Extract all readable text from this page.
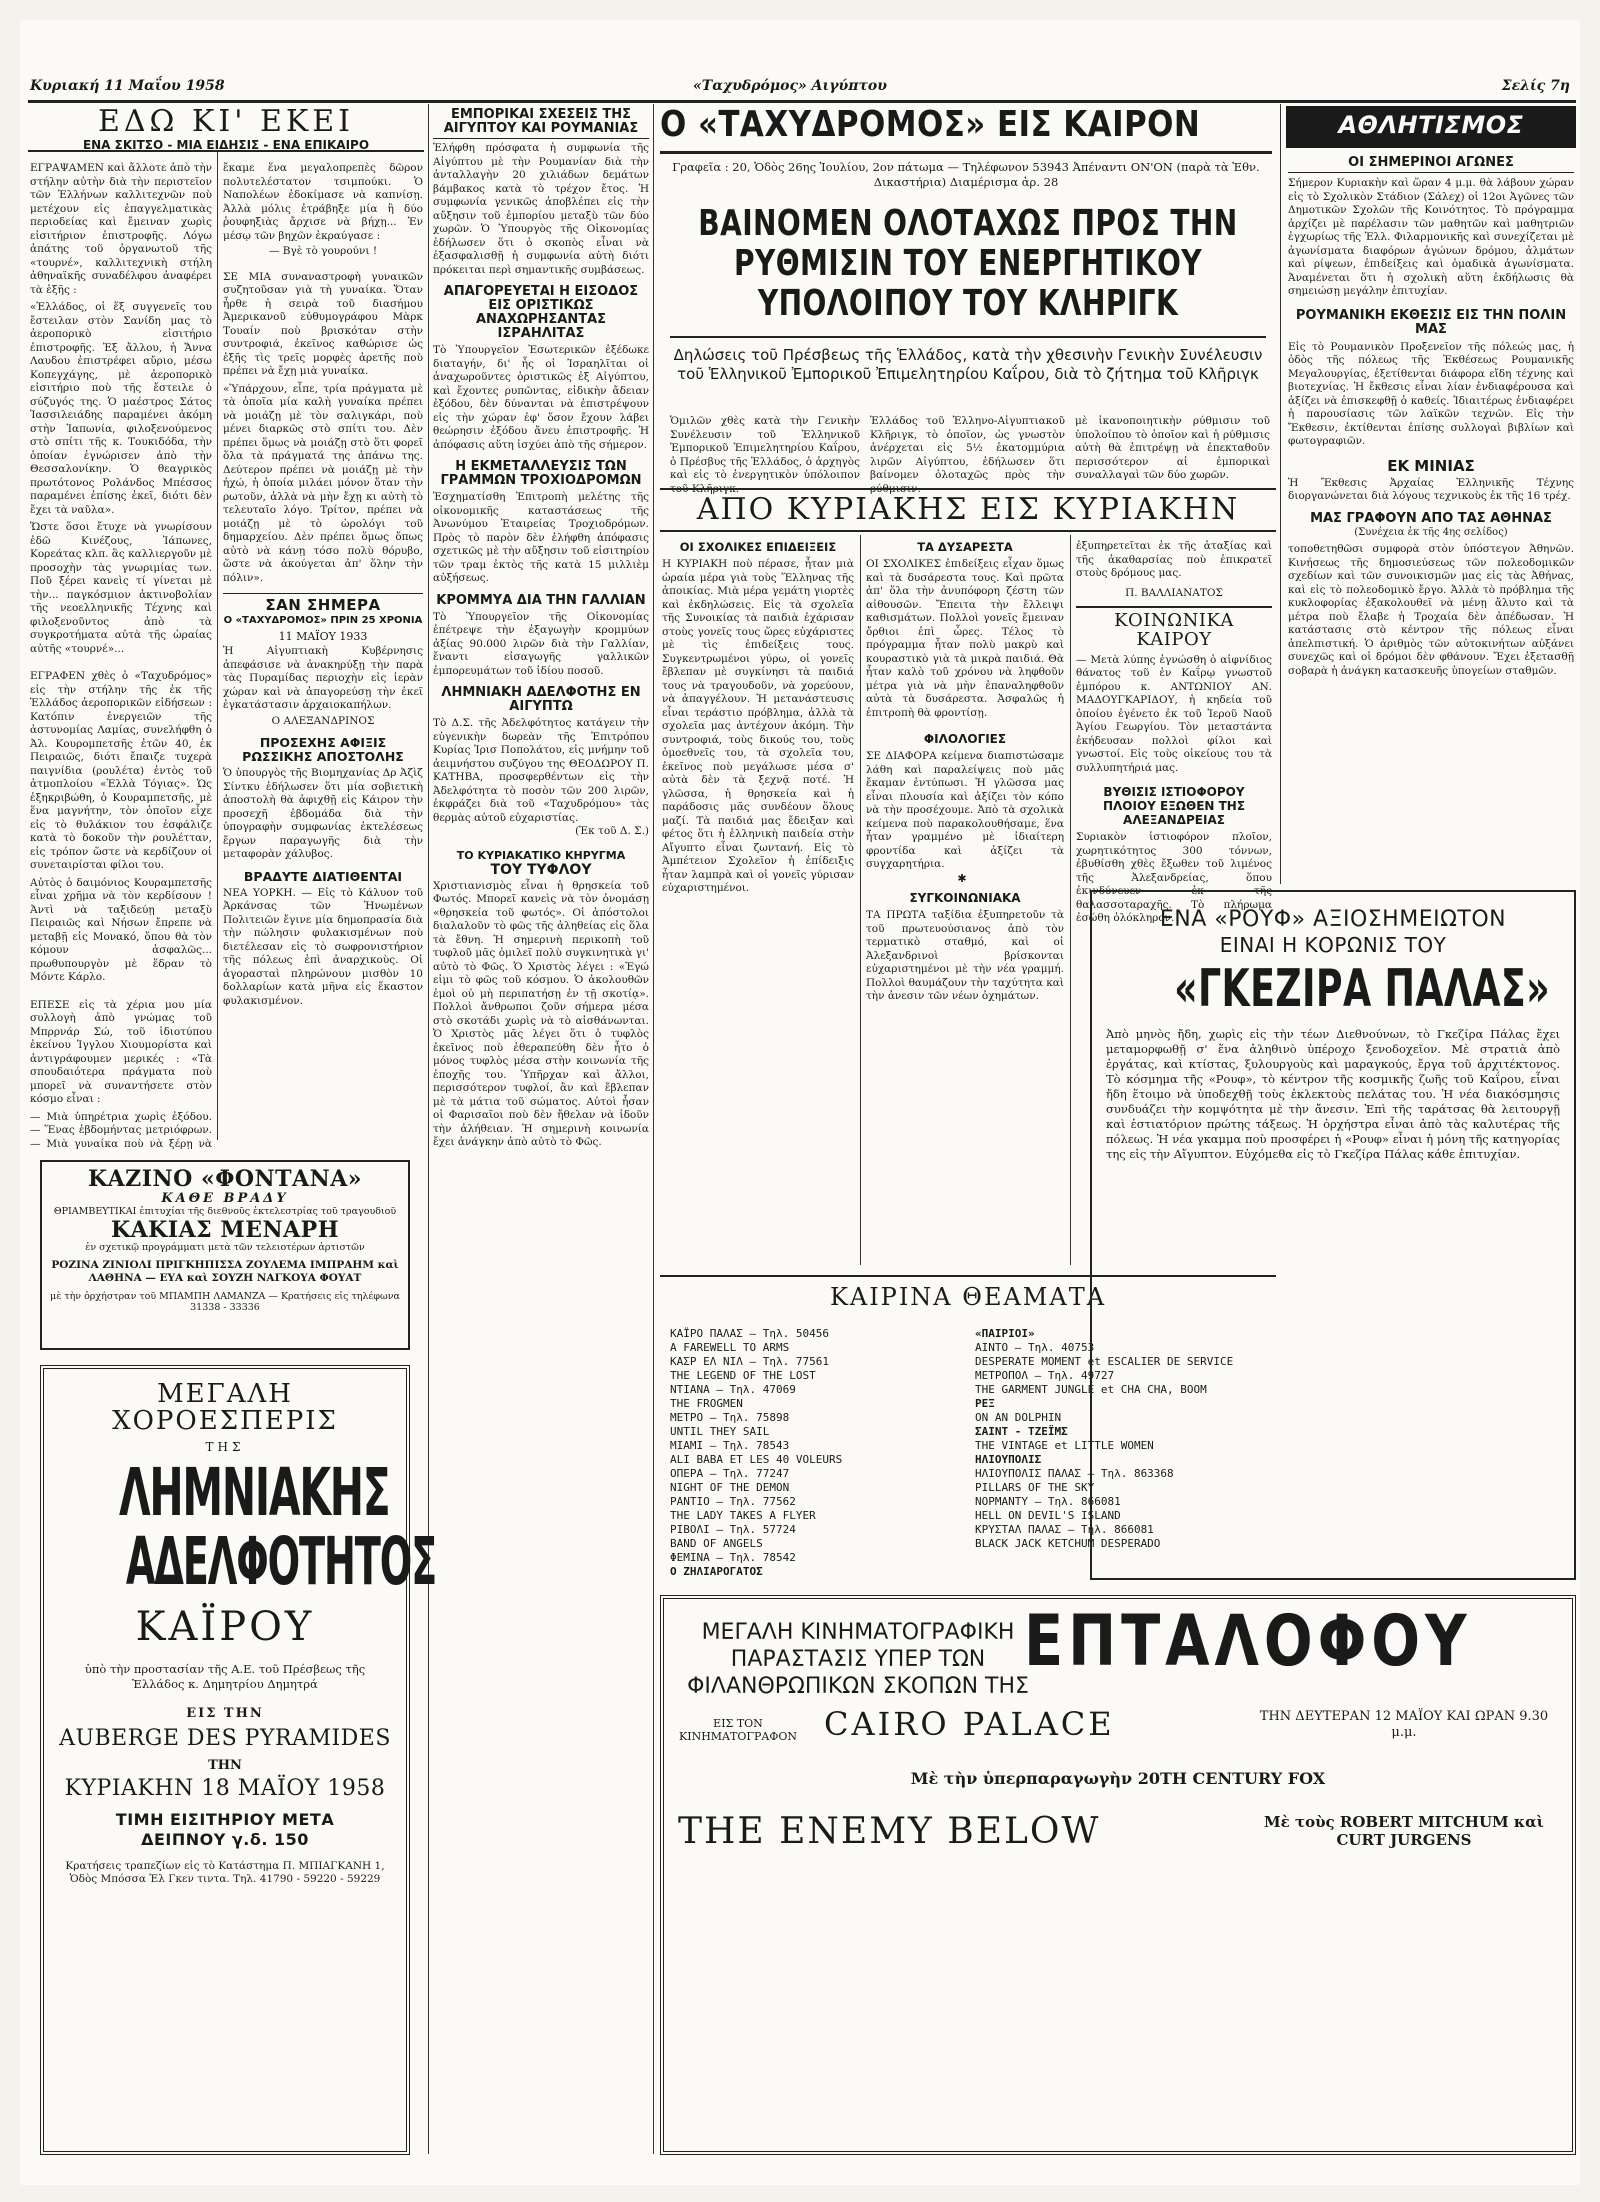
Κυριακή 11 Μαΐου 1958	«Ταχυδρόμος» Αιγύπτου	Σελίς 7η
ΕΔΩ ΚΙ' ΕΚΕΙ
ΕΝΑ ΣΚΙΤΣΟ - ΜΙΑ ΕΙΔΗΣΙΣ - ΕΝΑ ΕΠΙΚΑΙΡΟ

ΕΓΡΑΨΑΜΕΝ καὶ ἄλλοτε ἀπὸ τὴν στήλην αὐτὴν διὰ τὴν περιστεῖον τῶν Ἑλλήνων καλλιτεχνῶν ποὺ μετέχουν εἰς ἐπαγγελματικὰς περιοδείας καὶ ἔμειναν χωρὶς εἰσιτήριον ἐπιστροφῆς. Λόγω ἀπάτης τοῦ ὀργανωτοῦ τῆς «τουρνέ», καλλιτεχνικὴ στήλη ἀθηναϊκῆς συναδέλφου ἀναφέρει τὰ ἑξῆς :

«Ἑλλάδος, οἱ ἕξ συγγενεῖς του ἔστειλαν στὸν Σανίδη μας τὸ ἀεροπορικὸ εἰσιτήριο ἐπιστροφῆς. Ἐξ ἄλλου, ἡ Ἄννα Λαυδου ἐπιστρέφει αὔριο, μέσω Κοπεγχάγης, μὲ ἀεροπορικὸ εἰσιτήριο ποὺ τῆς ἔστειλε ὁ σύζυγός της. Ὁ μαέστρος Σάτος Ἰασσιλειάδης παραμένει ἀκόμη στὴν Ἰαπωνία, φιλοξενούμενος στὸ σπίτι τῆς κ. Τουκιδόδα, τὴν ὁποίαν ἐγνώρισεν ἀπὸ τὴν Θεσσαλονίκην. Ὁ θεαγρικὸς πρωτότονος Ρολάνδος Μπέσσος παραμένει ἐπίσης ἐκεῖ, διότι δὲν ἔχει τὰ ναῦλα».

Ὥστε ὅσοι ἔτυχε νὰ γνωρίσουν ἐδῶ Κινέζους, Ἰάπωνες, Κορεάτας κλπ. ἃς καλλιεργοῦν μὲ προσοχὴν τὰς γνωριμίας των. Ποῦ ξέρει κανεὶς τί γίνεται μὲ τὴν... παγκόσμιον ἀκτινοβολίαν τῆς νεοελληνικῆς Τέχνης καὶ φιλοξενοῦντος ἀπὸ τὰ συγκροτήματα αὐτὰ τῆς ὡραίας αὐτῆς «τουρνέ»...

ΕΓΡΑΦΕΝ χθὲς ὁ «Ταχυδρόμος» εἰς τὴν στήλην τῆς ἐκ τῆς Ἑλλάδος ἀεροπορικῶν εἰδήσεων : Κατόπιν ἐνεργειῶν τῆς ἀστυνομίας Λαμίας, συνελήφθη ὁ Ἀλ. Κουρομπετσῆς ἐτῶν 40, ἐκ Πειραιῶς, διότι ἔπαιζε τυχερὰ παιγνίδια (ρουλέτα) ἐντὸς τοῦ ἀτμοπλοίου «Ἐλλὰ Τόγιας». Ὡς ἐξηκριβώθη, ὁ Κουραμπετσῆς, μὲ ἕνα μαγνήτην, τὸν ὁποῖον εἶχε εἰς τὸ θυλάκιον του ἐσφάλιζε κατὰ τὸ δοκοῦν τὴν ρουλέτταν, εἰς τρόπον ὥστε νὰ κερδίζουν οἱ συνεταιρίσται φίλοι του.

Αὐτὸς ὁ δαιμόνιος Κουραμπετσῆς εἶναι χρῆμα νὰ τὸν κερδίσουν ! Ἀντὶ νὰ ταξιδεύῃ μεταξὺ Πειραιῶς καὶ Νήσων ἔπρεπε νὰ μεταβῇ εἰς Μονακό, ὅπου θὰ τὸν κόμουν ἀσφαλῶς... πρωθυπουργὸν μὲ ἕδραν τὸ Μόντε Κάρλο.

ΕΠΕΣΕ εἰς τὰ χέρια μου μία συλλογὴ ἀπὸ γνώμας τοῦ Μπρρνάρ Σώ, τοῦ ἰδιοτύπου ἐκείνου Ἰγγλου Χιουμορίστα καὶ ἀντιγράφουμεν μερικές : «Τὰ σπουδαιότερα πράγματα ποὺ μπορεῖ νὰ συναντήσετε στὸν κόσμο εἶναι :

— Μιὰ ὑπηρέτρια χωρὶς ἐξόδου. — Ἕνας ἑβδομήντας μετριόφρων. — Μιὰ γυναίκα ποὺ νὰ ξέρῃ νὰ

ἔκαμε ἕνα μεγαλοπρεπὲς δῶρον πολυτελέστατον τσιμπούκι. Ὁ Ναπολέων ἐδοκίμασε νὰ καπνίσῃ. Ἀλλὰ μόλις ἐτράβηξε μία ἢ δύο ῥουφηξιὰς ἄρχισε νὰ βήχῃ... Ἑν μέσῳ τῶν βηχῶν ἐκραύγασε :

— Βγὲ τὸ γουρούνι !

ΣΕ ΜΙΑ συναναστροφὴ γυναικῶν συζητοῦσαν γιὰ τὴ γυναίκα. Ὅταν ἦρθε ἡ σειρὰ τοῦ διασήμου Ἀμερικανοῦ εὐθυμογράφου Μὰρκ Τουαίν ποὺ βρισκόταν στὴν συντροφιά, ἐκεῖνος καθώρισε ὡς ἑξῆς τὶς τρεῖς μορφὲς ἀρετῆς ποὺ πρέπει νὰ ἔχῃ μιὰ γυναίκα.

«Ὑπάρχουν, εἶπε, τρία πράγματα μὲ τὰ ὁποῖα μία καλὴ γυναίκα πρέπει νὰ μοιάζῃ μὲ τὸν σαλιγκάρι, ποὺ μένει διαρκῶς στὸ σπίτι του. Δὲν πρέπει ὅμως νὰ μοιάζῃ στὸ ὅτι φορεῖ ὅλα τὰ πράγματά της ἀπάνω της. Δεύτερον πρέπει νὰ μοιάζῃ μὲ τὴν ἠχώ, ἡ ὁποία μιλάει μόνον ὅταν τὴν ρωτοῦν, ἀλλὰ νὰ μὴν ἔχῃ κι αὐτὴ τὸ τελευταῖο λόγο. Τρίτον, πρέπει νὰ μοιάζῃ μὲ τὸ ὡρολόγι τοῦ δημαρχείου. Δὲν πρέπει ὅμως ὅπως αὐτὸ νὰ κάνῃ τόσο πολὺ θόρυβο, ὥστε νὰ ἀκούγεται ἀπ' ὅλην τὴν πόλιν».

ΣΑΝ ΣΗΜΕΡΑ
Ο «ΤΑΧΥΔΡΟΜΟΣ» ΠΡΙΝ 25 ΧΡΟΝΙΑ
11 ΜΑΪΟΥ 1933

Ἡ Αἰγυπτιακὴ Κυβέρνησις ἀπεφάσισε νὰ ἀνακηρύξῃ τὴν παρὰ τὰς Πυραμίδας περιοχὴν εἰς ἱερὰν χώραν καὶ νὰ ἀπαγορεύσῃ τὴν ἐκεῖ ἐγκατάστασιν ἀρχαιοκαπήλων.

Ο ΑΛΕΞΑΝΔΡΙΝΟΣ
ΠΡΟΣΕΧΗΣ ΑΦΙΞΙΣ ΡΩΣΣΙΚΗΣ ΑΠΟΣΤΟΛΗΣ

Ὁ ὑπουργὸς τῆς Βιομηχανίας Δρ Ἀζὶζ Σίντκυ ἐδήλωσεν ὅτι μία σοβιετικὴ ἀποστολὴ θὰ ἀφιχθῇ εἰς Κάιρον τὴν προσεχῆ ἑβδομάδα διὰ τὴν ὑπογραφὴν συμφωνίας ἐκτελέσεως ἔργων παραγωγῆς διὰ τὴν μεταφορὰν χάλυβος.

ΒΡΑΔΥΤΕ ΔΙΑΤΙΘΕΝΤΑΙ

ΝΕΑ ΥΟΡΚΗ. — Εἰς τὸ Κάλυον τοῦ Ἀρκάνσας τῶν Ἡνωμένων Πολιτειῶν ἔγινε μία δημοπρασία διὰ τὴν πώλησιν φυλακισμένων ποὺ διετέλεσαν εἰς τὸ σωφρονιστήριον τῆς πόλεως ἐπὶ ἀναρχικοὺς. Οἱ ἀγορασταὶ πληρώνουν μισθὸν 10 δολλαρίων κατὰ μῆνα εἰς ἕκαστον φυλακισμένον.

ΕΜΠΟΡΙΚΑΙ ΣΧΕΣΕΙΣ ΤΗΣ ΑΙΓΥΠΤΟΥ ΚΑΙ ΡΟΥΜΑΝΙΑΣ

Ἐλήφθη πρόσφατα ἡ συμφωνία τῆς Αἰγύπτου μὲ τὴν Ρουμανίαν διὰ τὴν ἀνταλλαγὴν 20 χιλιάδων δεμάτων βάμβακος κατὰ τὸ τρέχον ἔτος. Ἡ συμφωνία γενικῶς ἀποβλέπει εἰς τὴν αὔξησιν τοῦ ἐμπορίου μεταξὺ τῶν δύο χωρῶν. Ὁ Ὑπουργὸς τῆς Οἰκονομίας ἐδήλωσεν ὅτι ὁ σκοπὸς εἶναι νὰ ἐξασφαλισθῇ ἡ συμφωνία αὐτὴ διότι πρόκειται περὶ σημαντικῆς συμβάσεως.

ΑΠΑΓΟΡΕΥΕΤΑΙ Η ΕΙΣΟΔΟΣ ΕΙΣ ΟΡΙΣΤΙΚΩΣ ΑΝΑΧΩΡΗΣΑΝΤΑΣ ΙΣΡΑΗΛΙΤΑΣ

Τὸ Ὑπουργεῖον Ἐσωτερικῶν ἐξέδωκε διαταγήν, δι' ἧς οἱ Ἰσραηλῖται οἱ ἀναχωροῦντες ὁριστικῶς ἐξ Αἰγύπτου, καὶ ἔχοντες ρυπῶντας, εἰδικὴν ἄδειαν ἐξόδου, δὲν δύνανται νὰ ἐπιστρέψουν εἰς τὴν χώραν ἐφ' ὅσον ἔχουν λάβει θεώρησιν ἐξόδου ἄνευ ἐπιστροφῆς. Ἡ ἀπόφασις αὕτη ἰσχύει ἀπὸ τῆς σήμερον.

Η ΕΚΜΕΤΑΛΛΕΥΣΙΣ ΤΩΝ ΓΡΑΜΜΩΝ ΤΡΟΧΙΟΔΡΟΜΩΝ

Ἐσχηματίσθη Ἐπιτροπὴ μελέτης τῆς οἰκονομικῆς καταστάσεως τῆς Ἀνωνύμου Ἑταιρείας Τροχιοδρόμων. Πρὸς τὸ παρὸν δὲν ἐλήφθη ἀπόφασις σχετικῶς μὲ τὴν αὔξησιν τοῦ εἰσιτηρίου τῶν τραμ ἐκτὸς τῆς κατὰ 15 μιλλιὲμ αὐξήσεως.

ΚΡΟΜΜΥΑ ΔΙΑ ΤΗΝ ΓΑΛΛΙΑΝ

Τὸ Ὑπουργεῖον τῆς Οἰκονομίας ἐπέτρεψε τὴν ἐξαγωγὴν κρομμύων ἀξίας 90.000 λιρῶν διὰ τὴν Γαλλίαν, ἔναντι εἰσαγωγῆς γαλλικῶν ἐμπορευμάτων τοῦ ἰδίου ποσοῦ.

ΛΗΜΝΙΑΚΗ ΑΔΕΛΦΟΤΗΣ ΕΝ ΑΙΓΥΠΤΩ

Τὸ Δ.Σ. τῆς Ἀδελφότητος κατάγειν τὴν εὐγενικὴν δωρεὰν τῆς Ἐπιτρόπου Κυρίας Ἰρισ Ποπολάτου, εἰς μνήμην τοῦ ἀειμνήστου συζύγου της ΘΕΟΔΩΡΟΥ Π. ΚΑΤΗΒΑ, προσφερθέντων εἰς τὴν Ἀδελφότητα τὸ ποσὸν τῶν 200 λιρῶν, ἐκφράζει διὰ τοῦ «Ταχυδρόμου» τὰς θερμὰς αὐτοῦ εὐχαριστίας.

(Ἐκ τοῦ Δ. Σ.)

ΤΟ ΚΥΡΙΑΚΑΤΙΚΟ ΚΗΡΥΓΜΑ
ΤΟΥ ΤΥΦΛΟΥ

Χριστιανισμὸς εἶναι ἡ θρησκεία τοῦ Φωτός. Μπορεῖ κανεὶς νὰ τὸν ὀνομάσῃ «θρησκεία τοῦ φωτός». Οἱ ἀπόστολοι διαλαλοῦν τὸ φῶς τῆς ἀληθείας εἰς ὅλα τὰ ἔθνη. Ἡ σημερινὴ περικοπὴ τοῦ τυφλοῦ μᾶς ὁμιλεῖ πολὺ συγκινητικὰ γι' αὐτὸ τὸ Φῶς. Ὁ Χριστὸς λέγει : «Ἐγώ εἰμι τὸ φῶς τοῦ κόσμου. Ὁ ἀκολουθῶν ἐμοὶ οὐ μὴ περιπατήσῃ ἐν τῇ σκοτίᾳ». Πολλοὶ ἄνθρωποι ζοῦν σήμερα μέσα στὸ σκοτάδι χωρὶς νὰ τὸ αἰσθάνωνται. Ὁ Χριστὸς μᾶς λέγει ὅτι ὁ τυφλὸς ἐκεῖνος ποὺ ἐθεραπεύθη δὲν ἦτο ὁ μόνος τυφλὸς μέσα στὴν κοινωνία τῆς ἐποχῆς του. Ὑπῆρχαν καὶ ἄλλοι, περισσότερον τυφλοί, ἂν καὶ ἔβλεπαν μὲ τὰ μάτια τοῦ σώματος. Αὐτοὶ ἦσαν οἱ Φαρισαῖοι ποὺ δὲν ἤθελαν νὰ ἰδοῦν τὴν ἀλήθειαν. Ἡ σημερινὴ κοινωνία ἔχει ἀνάγκην ἀπὸ αὐτὸ τὸ Φῶς.

ΚΑΖΙΝΟ «ΦΟΝΤΑΝΑ»
ΚΑΘΕ ΒΡΑΔΥ
ΘΡΙΑΜΒΕΥΤΙΚΑΙ ἐπιτυχίαι τῆς διεθνοῦς ἐκτελεστρίας τοῦ τραγουδιοῦ
ΚΑΚΙΑΣ ΜΕΝΑΡΗ
ἐν σχετικῷ προγράμματι μετὰ τῶν τελειοτέρων ἀρτιστῶν
ΡΟΖΙΝΑ ΖΙΝΙΟΛΙ ΠΡΙΓΚΗΠΙΣΣΑ ΖΟΥΛΕΜΑ ΙΜΠΡΑΗΜ καὶ ΛΑΘΗΝΑ — ΕΥΑ καὶ ΣΟΥΖΗ ΝΑΓΚΟΥΑ ΦΟΥΑΤ
μὲ τὴν ὀρχήστραν τοῦ ΜΠΑΜΠΗ ΛΑΜΑΝΖΑ — Κρατήσεις εἰς τηλέφωνα 31338 - 33336
ΜΕΓΑΛΗ ΧΟΡΟΕΣΠΕΡΙΣ
ΤΗΣ
ΛΗΜΝΙΑΚΗΣ
ΑΔΕΛΦΟΤΗΤΟΣ
ΚΑΪΡΟΥ
ὑπὸ τὴν προστασίαν τῆς Α.Ε. τοῦ Πρέσβεως τῆς Ἑλλάδος κ. Δημητρίου Δημητρά
ΕΙΣ ΤΗΝ
AUBERGE DES PYRAMIDES
ΤΗΝ
ΚΥΡΙΑΚΗΝ 18 ΜΑΪΟΥ 1958
ΤΙΜΗ ΕΙΣΙΤΗΡΙΟΥ ΜΕΤΑ ΔΕΙΠΝΟΥ γ.δ. 150
Κρατήσεις τραπεζίων εἰς τὸ Κατάστημα Π. ΜΠΙΑΓΚΑΝΗ 1, Ὁδὸς Μπόσσα Ἐλ Γκεν τιντα. Τηλ. 41790 - 59220 - 59229
Ο «ΤΑΧΥΔΡΟΜΟΣ» ΕΙΣ ΚΑΙΡΟΝ
Γραφεῖα : 20, Ὁδὸς 26ης Ἰουλίου, 2ον πάτωμα — Τηλέφωνον 53943 Ἀπέναντι ΟΝ'ΟΝ (παρὰ τὰ Ἐθν. Δικαστήρια) Διαμέρισμα ἀρ. 28
ΒΑΙΝΟΜΕΝ ΟΛΟΤΑΧΩΣ ΠΡΟΣ ΤΗΝ ΡΥΘΜΙΣΙΝ ΤΟΥ ΕΝΕΡΓΗΤΙΚΟΥ ΥΠΟΛΟΙΠΟΥ ΤΟΥ ΚΛΗΡΙΓΚ
Δηλώσεις τοῦ Πρέσβεως τῆς Ἑλλάδος, κατὰ τὴν χθεσινὴν Γενικὴν Συνέλευσιν τοῦ Ἑλληνικοῦ Ἐμπορικοῦ Ἐπιμελητηρίου Καΐρου, διὰ τὸ ζήτημα τοῦ Κλῆριγκ
Ὁμιλῶν χθὲς κατὰ τὴν Γενικὴν Συνέλευσιν τοῦ Ἑλληνικοῦ Ἐμπορικοῦ Ἐπιμελητηρίου Καΐρου, ὁ Πρέσβυς τῆς Ἑλλάδος, ὁ ἀρχηγὸς καὶ εἰς τὸ ἐνεργητικὸν ὑπόλοιπον τοῦ Κλῆριγκ.
Ἑλλάδος τοῦ Ἑλληνο-Αἰγυπτιακοῦ Κλῆριγκ, τὸ ὁποῖον, ὡς γνωστὸν ἀνέρχεται εἰς 5½ ἑκατομμύρια λιρῶν Αἰγύπτου, ἐδήλωσεν ὅτι βαίνομεν ὁλοταχῶς πρὸς τὴν ρύθμισιν.
μὲ ἱκανοποιητικὴν ρύθμισιν τοῦ ὑπολοίπου τὸ ὁποῖον καὶ ἡ ρύθμισις αὐτὴ θὰ ἐπιτρέψῃ νὰ ἐπεκταθοῦν περισσότερον αἱ ἐμπορικαὶ συναλλαγαὶ τῶν δύο χωρῶν.
ΑΠΟ ΚΥΡΙΑΚΗΣ ΕΙΣ ΚΥΡΙΑΚΗΝ
ΟΙ ΣΧΟΛΙΚΕΣ ΕΠΙΔΕΙΞΕΙΣ

Η ΚΥΡΙΑΚΗ ποὺ πέρασε, ἦταν μιὰ ὡραία μέρα γιὰ τοὺς Ἕλληνας τῆς ἀποικίας. Μιὰ μέρα γεμάτη γιορτὲς καὶ ἐκδηλώσεις. Εἰς τὰ σχολεῖα τῆς Συνοικίας τὰ παιδιὰ ἐχάρισαν στοὺς γονεῖς τους ὥρες εὐχάριστες μὲ τὶς ἐπιδείξεις τους. Συγκεντρωμένοι γύρω, οἱ γονεῖς ἔβλεπαν μὲ συγκίνησι τὰ παιδιά τους νὰ τραγουδοῦν, νὰ χορεύουν, νὰ ἀπαγγέλουν. Ἡ μετανάστευσις εἶναι τεράστιο πρόβλημα, ἀλλὰ τὰ σχολεῖα μας ἀντέχουν ἀκόμη. Τὴν συντροφιά, τοὺς δικούς του, τοὺς ὁμοεθνεῖς του, τὰ σχολεῖα του, ἐκεῖνος ποὺ μεγάλωσε μέσα σ' αὐτὰ δὲν τὰ ξεχνᾷ ποτέ. Ἡ γλῶσσα, ἡ θρησκεία καὶ ἡ παράδοσις μᾶς συνδέουν ὅλους μαζί. Τὰ παιδιά μας ἔδειξαν καὶ φέτος ὅτι ἡ ἑλληνικὴ παιδεία στὴν Αἴγυπτο εἶναι ζωντανή. Εἰς τὸ Ἀμπέτειον Σχολεῖον ἡ ἐπίδειξις ἦταν λαμπρὰ καὶ οἱ γονεῖς γύρισαν εὐχαριστημένοι.

ΤΑ ΔΥΣΑΡΕΣΤΑ

ΟΙ ΣΧΟΛΙΚΕΣ ἐπιδείξεις εἶχαν ὅμως καὶ τὰ δυσάρεστα τους. Καὶ πρῶτα ἀπ' ὅλα τὴν ἀνυπόφορη ζέστη τῶν αἰθουσῶν. Ἔπειτα τὴν ἔλλειψι καθισμάτων. Πολλοὶ γονεῖς ἔμειναν ὄρθιοι ἐπὶ ὧρες. Τέλος τὸ πρόγραμμα ἦταν πολὺ μακρὺ καὶ κουραστικὸ γιὰ τὰ μικρὰ παιδιά. Θὰ ἦταν καλὸ τοῦ χρόνου νὰ ληφθοῦν μέτρα γιὰ νὰ μὴν ἐπαναληφθοῦν αὐτὰ τὰ δυσάρεστα. Ἀσφαλῶς ἡ ἐπιτροπὴ θὰ φροντίσῃ.

ΦΙΛΟΛΟΓΙΕΣ

ΣΕ ΔΙΑΦΟΡΑ κείμενα διαπιστώσαμε λάθη καὶ παραλείψεις ποὺ μᾶς ἔκαμαν ἐντύπωσι. Ἡ γλῶσσα μας εἶναι πλουσία καὶ ἀξίζει τὸν κόπο νὰ τὴν προσέχουμε. Ἀπὸ τὰ σχολικὰ κείμενα ποὺ παρακολουθήσαμε, ἕνα ἦταν γραμμένο μὲ ἰδιαίτερη φροντίδα καὶ ἀξίζει τὰ συγχαρητήρια.

✱
ΣΥΓΚΟΙΝΩΝΙΑΚΑ

ΤΑ ΠΡΩΤΑ ταξίδια ἐξυπηρετοῦν τὰ τοῦ πρωτευούσιανος ἀπὸ τὸν τερματικὸ σταθμό, καὶ οἱ Ἀλεξανδρινοὶ βρίσκονται εὐχαριστημένοι μὲ τὴν νέα γραμμή. Πολλοὶ θαυμάζουν τὴν ταχύτητα καὶ τὴν ἀνεσιν τῶν νέων ὀχημάτων.

ἐξυπηρετεῖται ἐκ τῆς ἀταξίας καὶ τῆς ἀκαθαρσίας ποὺ ἐπικρατεῖ στοὺς δρόμους μας.

Π. ΒΑΛΛΙΑΝΑΤΟΣ
ΚΟΙΝΩΝΙΚΑ ΚΑΙΡΟΥ

— Μετὰ λύπης ἐγνώσθη ὁ αἰφνίδιος θάνατος τοῦ ἐν Καΐρῳ γνωστοῦ ἐμπόρου κ. ΑΝΤΩΝΙΟΥ ΑΝ. ΜΑΔΟΥΓΚΑΡΙΔΟΥ, ἡ κηδεία τοῦ ὁποίου ἐγένετο ἐκ τοῦ Ἱεροῦ Ναοῦ Ἁγίου Γεωργίου. Τὸν μεταστάντα ἐκήδευσαν πολλοὶ φίλοι καὶ γνωστοί. Εἰς τοὺς οἰκείους του τὰ συλλυπητήριά μας.

ΒΥΘΙΣΙΣ ΙΣΤΙΟΦΟΡΟΥ ΠΛΟΙΟΥ ΕΞΩΘΕΝ ΤΗΣ ΑΛΕΞΑΝΔΡΕΙΑΣ

Συριακὸν ἱστιοφόρον πλοῖον, χωρητικότητος 300 τόννων, ἐβυθίσθη χθὲς ἔξωθεν τοῦ λιμένος τῆς Ἀλεξανδρείας, ὅπου ἐκινδύνευεν ἐκ τῆς θαλασσοταραχῆς. Τὸ πλήρωμα ἐσώθη ὁλόκληρον.

ΚΑΙΡΙΝΑ ΘΕΑΜΑΤΑ
ΚΑΪΡΟ ΠΑΛΑΣ — Τηλ. 50456
A FAREWELL TO ARMS
ΚΑΣΡ ΕΛ ΝΙΛ — Τηλ. 77561
THE LEGEND OF THE LOST
ΝΤΙΑΝΑ — Τηλ. 47069
THE FROGMEN
ΜΕΤΡΟ — Τηλ. 75898
UNTIL THEY SAIL
ΜΙΑΜΙ — Τηλ. 78543
ALI BABA ET LES 40 VOLEURS
ΟΠΕΡΑ — Τηλ. 77247
NIGHT OF THE DEMON
ΡΑΝΤΙΟ — Τηλ. 77562
THE LADY TAKES A FLYER
ΡΙΒΟΛΙ — Τηλ. 57724
BAND OF ANGELS
ΦΕΜΙΝΑ — Τηλ. 78542
Ο ΖΗΛΙΑΡΟΓΑΤΟΣ
«ΠΑΙΡΙΟΙ»
ΑΙΝΤΟ — Τηλ. 40753
DESPERATE MOMENT et ESCALIER DE SERVICE
ΜΕΤΡΟΠΟΛ — Τηλ. 49727
THE GARMENT JUNGLE et CHA CHA, BOOM
ΡΕΞ
ON AN DOLPHIN
ΣΑΙΝΤ - ΤΖΕΪΜΣ
THE VINTAGE et LITTLE WOMEN
ΗΛΙΟΥΠΟΛΙΣ
ΗΛΙΟΥΠΟΛΙΣ ΠΑΛΑΣ — Τηλ. 863368
PILLARS OF THE SKY
ΝΟΡΜΑΝΤΥ — Τηλ. 866081
HELL ON DEVIL'S ISLAND
ΚΡΥΣΤΑΛ ΠΑΛΑΣ — Τηλ. 866081
BLACK JACK KETCHUM DESPERADO
ΜΕΓΑΛΗ ΚΙΝΗΜΑΤΟΓΡΑΦΙΚΗ ΠΑΡΑΣΤΑΣΙΣ ΥΠΕΡ ΤΩΝ ΦΙΛΑΝΘΡΩΠΙΚΩΝ ΣΚΟΠΩΝ ΤΗΣ
ΕΠΤΑΛΟΦΟΥ
ΕΙΣ ΤΟΝ ΚΙΝΗΜΑΤΟΓΡΑΦΟΝ CAIRO PALACE	ΤΗΝ ΔΕΥΤΕΡΑΝ 12 ΜΑΪΟΥ ΚΑΙ ΩΡΑΝ 9.30 μ.μ.
Μὲ τὴν ὑπερπαραγωγὴν 20TH CENTURY FOX
THE ENEMY BELOW	Μὲ τοὺς ROBERT MITCHUM καὶ CURT JURGENS
ΑΘΛΗΤΙΣΜΟΣ
ΟΙ ΣΗΜΕΡΙΝΟΙ ΑΓΩΝΕΣ

Σήμερον Κυριακὴν καὶ ὥραν 4 μ.μ. θὰ λάβουν χώραν εἰς τὸ Σχολικὸν Στάδιον (Σάλεχ) οἱ 12οι Ἀγῶνες τῶν Δημοτικῶν Σχολῶν τῆς Κοινότητος. Τὸ πρόγραμμα ἀρχίζει μὲ παρέλασιν τῶν μαθητῶν καὶ μαθητριῶν ἐγχωρίως τῆς Ἐλλ. Φιλαρμονικῆς καὶ συνεχίζεται μὲ ἀγωνίσματα διαφόρων ἀγώνων δρόμου, ἁλμάτων καὶ ρίψεων, ἐπιδείξεις καὶ ὁμαδικὰ ἀγωνίσματα. Ἀναμένεται ὅτι ἡ σχολικὴ αὕτη ἐκδήλωσις θὰ σημειώσῃ μεγάλην ἐπιτυχίαν.

ΡΟΥΜΑΝΙΚΗ ΕΚΘΕΣΙΣ ΕΙΣ ΤΗΝ ΠΟΛΙΝ ΜΑΣ

Εἰς τὸ Ρουμανικὸν Προξενεῖον τῆς πόλεώς μας, ἡ ὁδὸς τῆς πόλεως τῆς Ἐκθέσεως Ρουμανικῆς Μεγαλουργίας, ἐξετίθενται διάφορα εἴδη τέχνης καὶ βιοτεχνίας. Ἡ ἔκθεσις εἶναι λίαν ἐνδιαφέρουσα καὶ ἀξίζει νὰ ἐπισκεφθῇ ὁ καθείς. Ἰδιαιτέρως ἐνδιαφέρει ἡ παρουσίασις τῶν λαϊκῶν τεχνῶν. Εἰς τὴν Ἔκθεσιν, ἐκτίθενται ἐπίσης συλλογαὶ βιβλίων καὶ φωτογραφιῶν.

ΕΚ ΜΙΝΙΑΣ

Ἡ Ἔκθεσις Ἀρχαίας Ἑλληνικῆς Τέχνης διοργανώνεται διὰ λόγους τεχνικοὺς ἐκ τῆς 16 τρέχ.

ΜΑΣ ΓΡΑΦΟΥΝ ΑΠΟ ΤΑΣ ΑΘΗΝΑΣ
(Συνέχεια ἐκ τῆς 4ης σελίδος)

τοποθετηθῶσι συμφορὰ στὸν ὑπόστεγον Ἀθηνῶν. Κινήσεως τῆς δημοσιεύσεως τῶν πολεοδομικῶν σχεδίων καὶ τῶν συνοικισμῶν μας εἰς τὰς Ἀθήνας, καὶ εἰς τὸ πολεοδομικὸ ἔργο. Ἀλλὰ τὸ πρόβλημα τῆς κυκλοφορίας ἐξακολουθεῖ νὰ μένῃ ἄλυτο καὶ τὰ μέτρα ποὺ ἔλαβε ἡ Τροχαία δὲν ἀπέδωσαν. Ἡ κατάστασις στὸ κέντρον τῆς πόλεως εἶναι ἀπελπιστική. Ὁ ἀριθμὸς τῶν αὐτοκινήτων αὐξάνει συνεχῶς καὶ οἱ δρόμοι δὲν φθάνουν. Ἔχει ἐξετασθῇ σοβαρὰ ἡ ἀνάγκη κατασκευῆς ὑπογείων σταθμῶν.

ΕΝΑ «ΡΟΥΦ» ΑΞΙΟΣΗΜΕΙΩΤΟΝ
ΕΙΝΑΙ Η ΚΟΡΩΝΙΣ ΤΟΥ
«ΓΚΕΖΙΡΑ ΠΑΛΑΣ»

Ἀπὸ μηνὸς ἤδη, χωρὶς εἰς τὴν τέων Διεθνούνων, τὸ Γκεζίρα Πάλας ἔχει μεταμορφωθῇ σ' ἕνα ἀληθινὸ ὑπέροχο ξενοδοχεῖον. Μὲ στρατιὰ ἀπὸ ἐργάτας, καὶ κτίστας, ξυλουργοὺς καὶ μαραγκούς, ἔργα τοῦ ἀρχιτέκτονος. Τὸ κόσμημα τῆς «Ρουφ», τὸ κέντρον τῆς κοσμικῆς ζωῆς τοῦ Καΐρου, εἶναι ἤδη ἕτοιμο νὰ ὑποδεχθῇ τοὺς ἐκλεκτοὺς πελάτας του. Ἡ νέα διακόσμησις συνδυάζει τὴν κομψότητα μὲ τὴν ἄνεσιν. Ἐπὶ τῆς ταράτσας θὰ λειτουργῇ καὶ ἐστιατόριον πρώτης τάξεως. Ἡ ὀρχήστρα εἶναι ἀπὸ τὰς καλυτέρας τῆς πόλεως. Ἡ νέα γκαμμα ποὺ προσφέρει ἡ «Ρουφ» εἶναι ἡ μόνη τῆς κατηγορίας της εἰς τὴν Αἴγυπτον. Εὐχόμεθα εἰς τὸ Γκεζίρα Πάλας κάθε ἐπιτυχίαν.
